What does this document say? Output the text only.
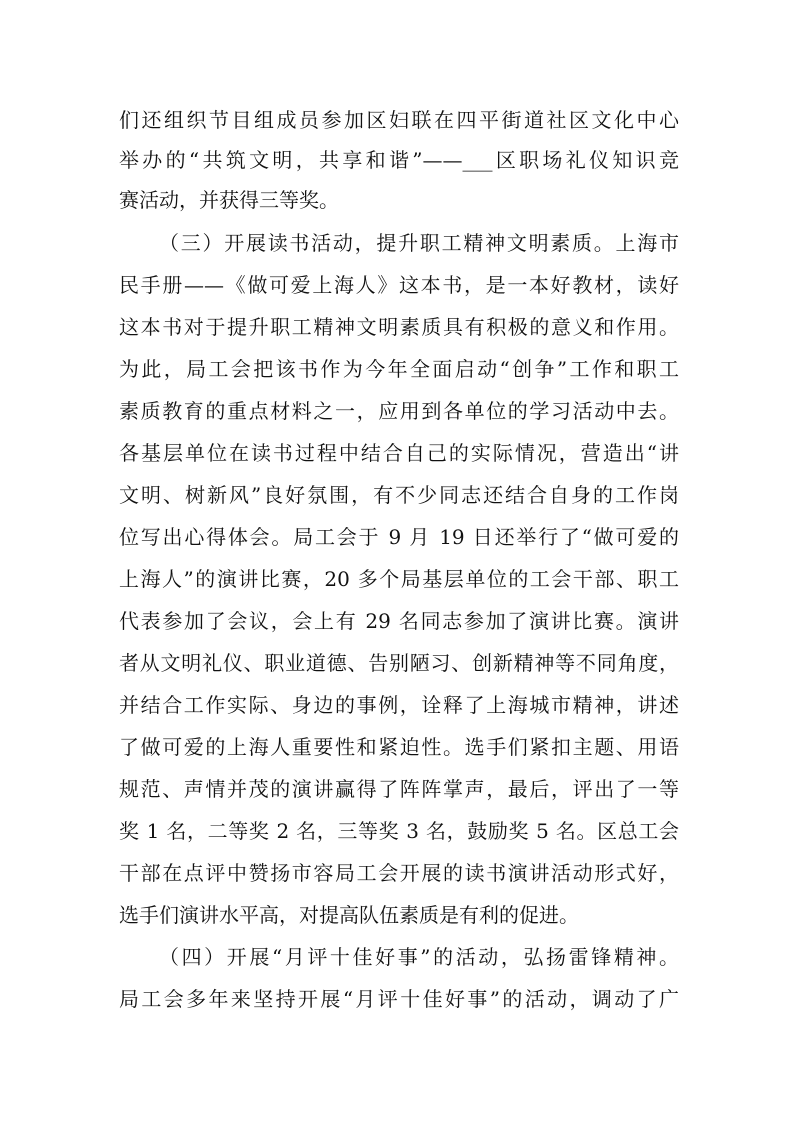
们还组织节目组成员参加区妇联在四平街道社区文化中心
举办的“共筑文明，共享和谐”——___区职场礼仪知识竞
赛活动，并获得三等奖。
（三）开展读书活动，提升职工精神文明素质。上海市
民手册——《做可爱上海人》这本书，是一本好教材，读好
这本书对于提升职工精神文明素质具有积极的意义和作用。
为此，局工会把该书作为今年全面启动“创争”工作和职工
素质教育的重点材料之一，应用到各单位的学习活动中去。
各基层单位在读书过程中结合自己的实际情况，营造出“讲
文明、树新风”良好氛围，有不少同志还结合自身的工作岗
位写出心得体会。局工会于 9 月 19 日还举行了“做可爱的
上海人”的演讲比赛，20 多个局基层单位的工会干部、职工
代表参加了会议，会上有 29 名同志参加了演讲比赛。演讲
者从文明礼仪、职业道德、告别陋习、创新精神等不同角度，
并结合工作实际、身边的事例，诠释了上海城市精神，讲述
了做可爱的上海人重要性和紧迫性。选手们紧扣主题、用语
规范、声情并茂的演讲赢得了阵阵掌声，最后，评出了一等
奖 1 名，二等奖 2 名，三等奖 3 名，鼓励奖 5 名。区总工会
干部在点评中赞扬市容局工会开展的读书演讲活动形式好，
选手们演讲水平高，对提高队伍素质是有利的促进。
（四）开展“月评十佳好事”的活动，弘扬雷锋精神。
局工会多年来坚持开展“月评十佳好事”的活动，调动了广
